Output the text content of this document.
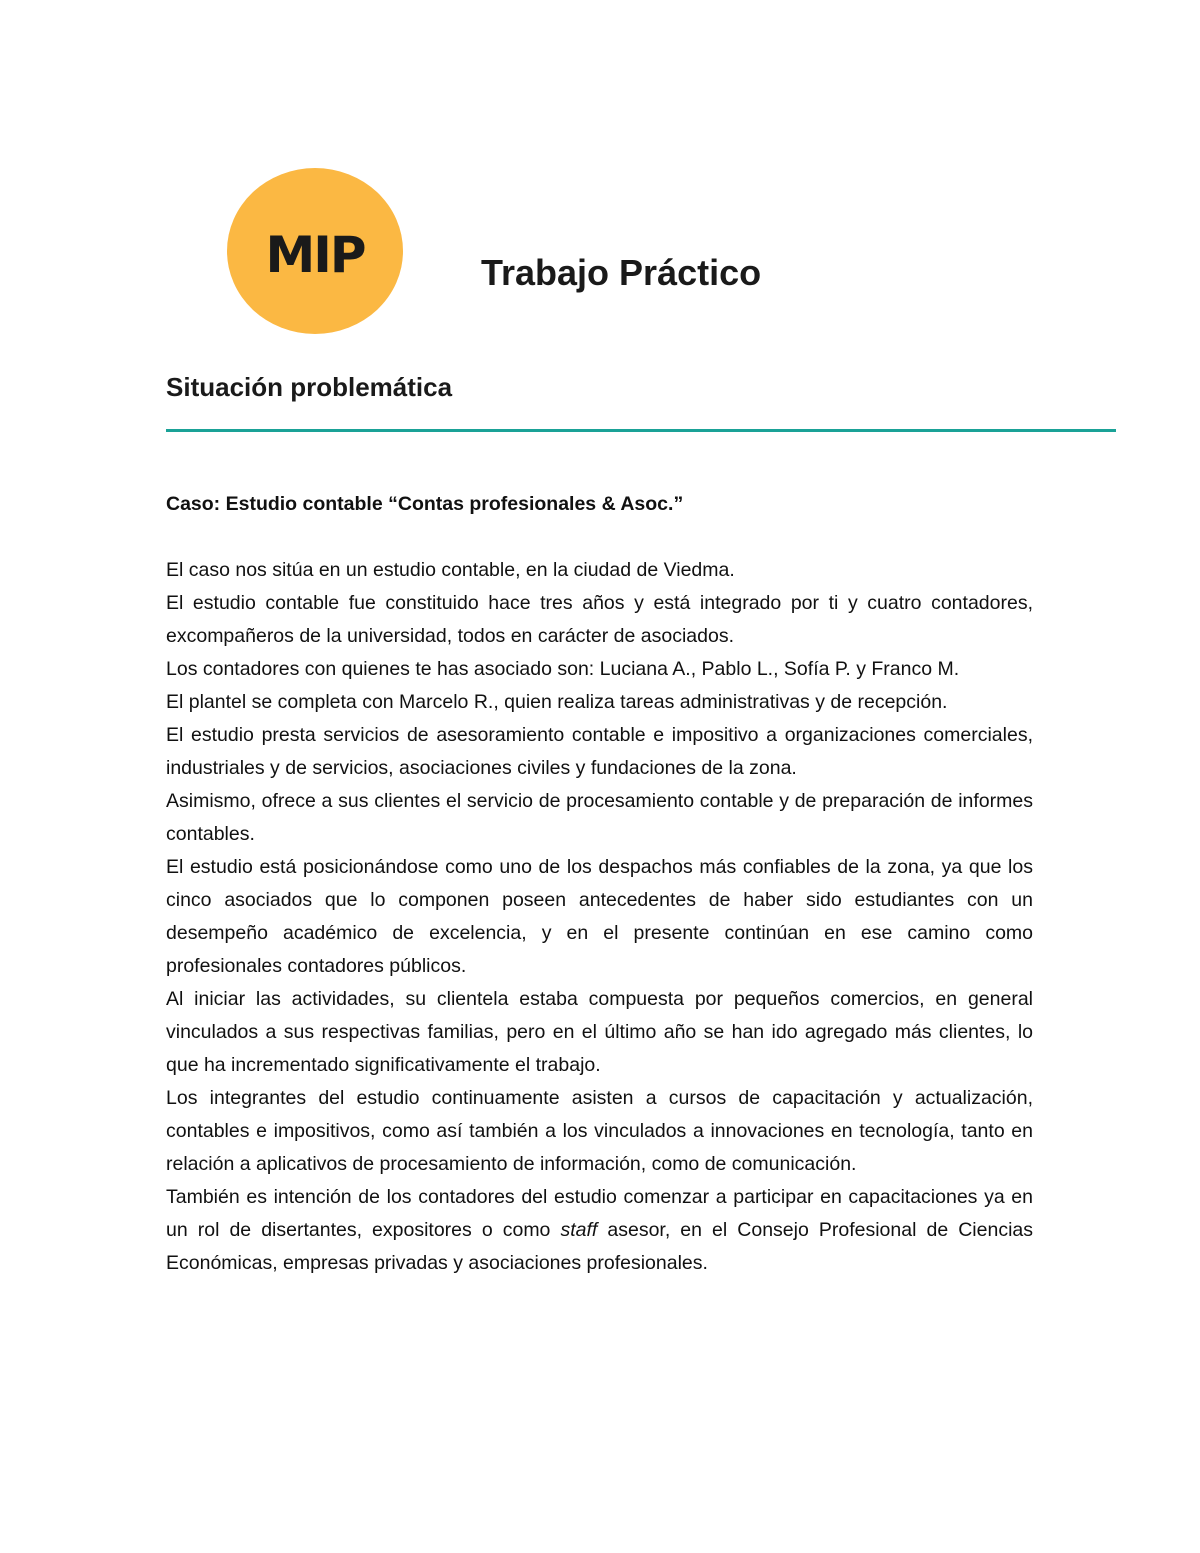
MIP	Trabajo Práctico
Situación problemática

Caso: Estudio contable “Contas profesionales & Asoc.”

El caso nos sitúa en un estudio contable, en la ciudad de Viedma.

El estudio contable fue constituido hace tres años y está integrado por ti y cuatro contadores, excompañeros de la universidad, todos en carácter de asociados.

Los contadores con quienes te has asociado son: Luciana A., Pablo L., Sofía P. y Franco M.

El plantel se completa con Marcelo R., quien realiza tareas administrativas y de recepción.

El estudio presta servicios de asesoramiento contable e impositivo a organizaciones comerciales, industriales y de servicios, asociaciones civiles y fundaciones de la zona.

Asimismo, ofrece a sus clientes el servicio de procesamiento contable y de preparación de informes contables.

El estudio está posicionándose como uno de los despachos más confiables de la zona, ya que los cinco asociados que lo componen poseen antecedentes de haber sido estudiantes con un desempeño académico de excelencia, y en el presente continúan en ese camino como profesionales contadores públicos.

Al iniciar las actividades, su clientela estaba compuesta por pequeños comercios, en general vinculados a sus respectivas familias, pero en el último año se han ido agregado más clientes, lo que ha incrementado significativamente el trabajo.

Los integrantes del estudio continuamente asisten a cursos de capacitación y actualización, contables e impositivos, como así también a los vinculados a innovaciones en tecnología, tanto en relación a aplicativos de procesamiento de información, como de comunicación.

También es intención de los contadores del estudio comenzar a participar en capacitaciones ya en un rol de disertantes, expositores o como staff asesor, en el Consejo Profesional de Ciencias Económicas, empresas privadas y asociaciones profesionales.
